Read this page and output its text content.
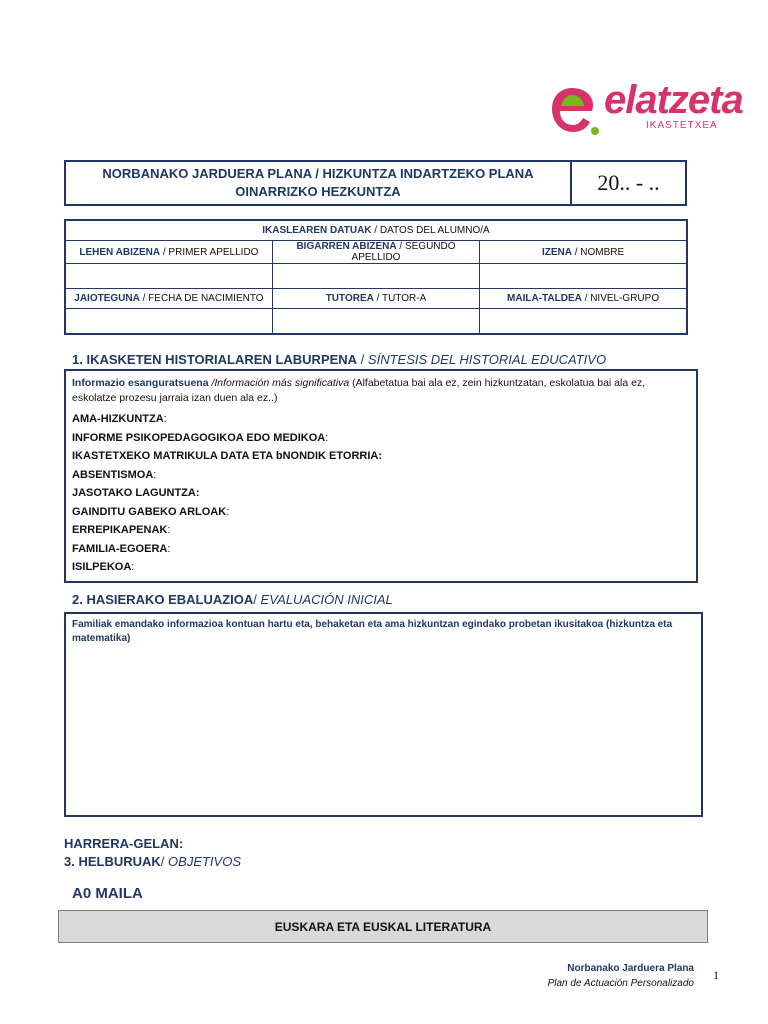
elatzeta
IKASTETXEA
NORBANAKO JARDUERA PLANA / HIZKUNTZA INDARTZEKO PLANA
OINARRIZKO HEZKUNTZA	20.. - ..
IKASLEAREN DATUAK / DATOS DEL ALUMNO/A		
LEHEN ABIZENA / PRIMER APELLIDO	BIGARREN ABIZENA / SEGUNDO APELLIDO	IZENA / NOMBRE

JAIOTEGUNA / FECHA DE NACIMIENTO	TUTOREA / TUTOR-A	MAILA-TALDEA / NIVEL-GRUPO

1. IKASKETEN HISTORIALAREN LABURPENA / SÍNTESIS DEL HISTORIAL EDUCATIVO

Informazio esanguratsuena /Información más significativa (Alfabetatua bai ala ez, zein hizkuntzatan, eskolatua bai ala ez, eskolatze prozesu jarraia izan duen ala ez..)

AMA-HIZKUNTZA:
INFORME PSIKOPEDAGOGIKOA EDO MEDIKOA:
IKASTETXEKO MATRIKULA DATA ETA bNONDIK ETORRIA:
ABSENTISMOA:
JASOTAKO LAGUNTZA:
GAINDITU GABEKO ARLOAK:
ERREPIKAPENAK:
FAMILIA-EGOERA:
ISILPEKOA:
2. HASIERAKO EBALUAZIOA/ EVALUACIÓN INICIAL

Familiak emandako informazioa kontuan hartu eta, behaketan eta ama hizkuntzan egindako probetan ikusitakoa (hizkuntza eta matematika)

HARRERA-GELAN:
3. HELBURUAK/ OBJETIVOS
A0 MAILA
EUSKARA ETA EUSKAL LITERATURA
Norbanako Jarduera Plana
Plan de Actuación Personalizado
1
